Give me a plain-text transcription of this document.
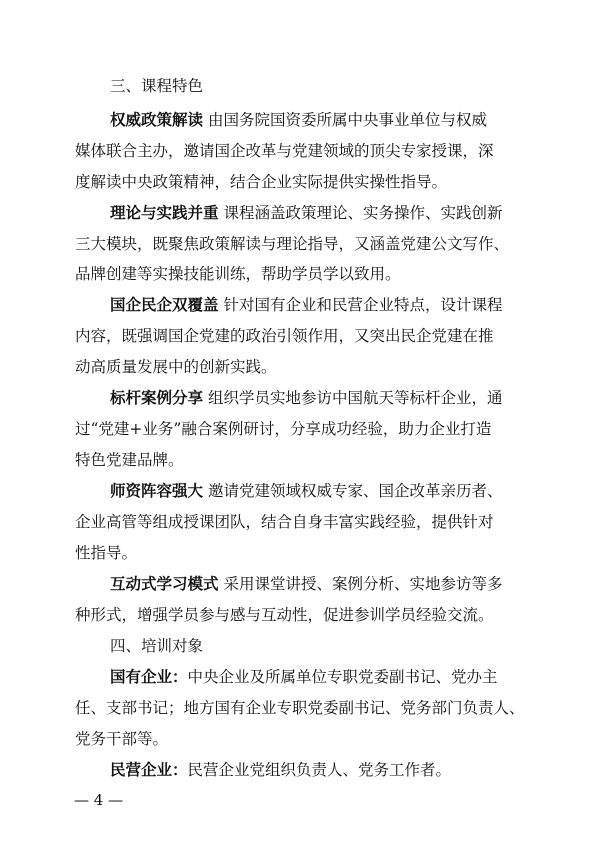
三、课程特色
权威政策解读 由国务院国资委所属中央事业单位与权威
媒体联合主办，邀请国企改革与党建领域的顶尖专家授课，深
度解读中央政策精神，结合企业实际提供实操性指导。
理论与实践并重 课程涵盖政策理论、实务操作、实践创新
三大模块，既聚焦政策解读与理论指导，又涵盖党建公文写作、
品牌创建等实操技能训练，帮助学员学以致用。
国企民企双覆盖 针对国有企业和民营企业特点，设计课程
内容，既强调国企党建的政治引领作用，又突出民企党建在推
动高质量发展中的创新实践。
标杆案例分享 组织学员实地参访中国航天等标杆企业，通
过“党建+业务”融合案例研讨，分享成功经验，助力企业打造
特色党建品牌。
师资阵容强大 邀请党建领域权威专家、国企改革亲历者、
企业高管等组成授课团队，结合自身丰富实践经验，提供针对
性指导。
互动式学习模式 采用课堂讲授、案例分析、实地参访等多
种形式，增强学员参与感与互动性，促进参训学员经验交流。
四、培训对象
国有企业：中央企业及所属单位专职党委副书记、党办主
任、支部书记；地方国有企业专职党委副书记、党务部门负责人、
党务干部等。
民营企业：民营企业党组织负责人、党务工作者。
— 4 —
